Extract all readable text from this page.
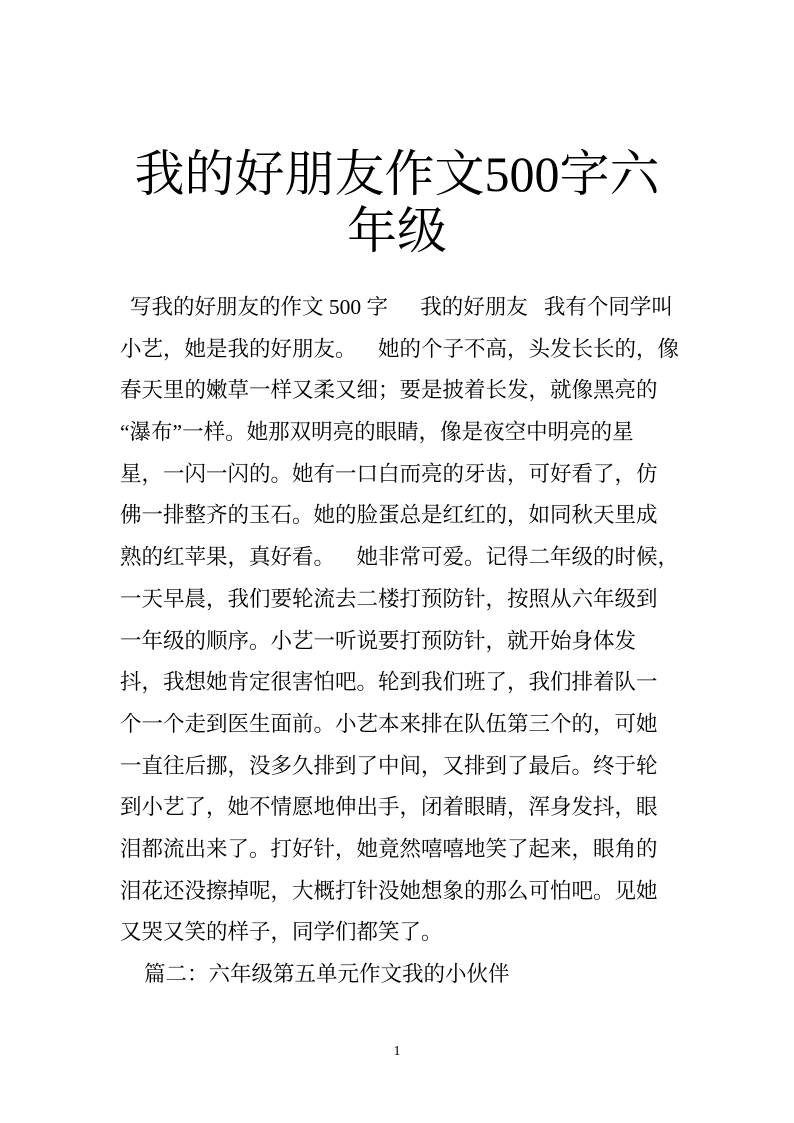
我的好朋友作文500字六
年级
写我的好朋友的作文 500 字      我的好朋友   我有个同学叫
小艺，她是我的好朋友。    她的个子不高，头发长长的，像
春天里的嫩草一样又柔又细；要是披着长发，就像黑亮的
“瀑布”一样。她那双明亮的眼睛，像是夜空中明亮的星
星，一闪一闪的。她有一口白而亮的牙齿，可好看了，仿
佛一排整齐的玉石。她的脸蛋总是红红的，如同秋天里成
熟的红苹果，真好看。    她非常可爱。记得二年级的时候，
一天早晨，我们要轮流去二楼打预防针，按照从六年级到
一年级的顺序。小艺一听说要打预防针，就开始身体发
抖，我想她肯定很害怕吧。轮到我们班了，我们排着队一
个一个走到医生面前。小艺本来排在队伍第三个的，可她
一直往后挪，没多久排到了中间，又排到了最后。终于轮
到小艺了，她不情愿地伸出手，闭着眼睛，浑身发抖，眼
泪都流出来了。打好针，她竟然嘻嘻地笑了起来，眼角的
泪花还没擦掉呢，大概打针没她想象的那么可怕吧。见她
又哭又笑的样子，同学们都笑了。
篇二：六年级第五单元作文我的小伙伴
1
